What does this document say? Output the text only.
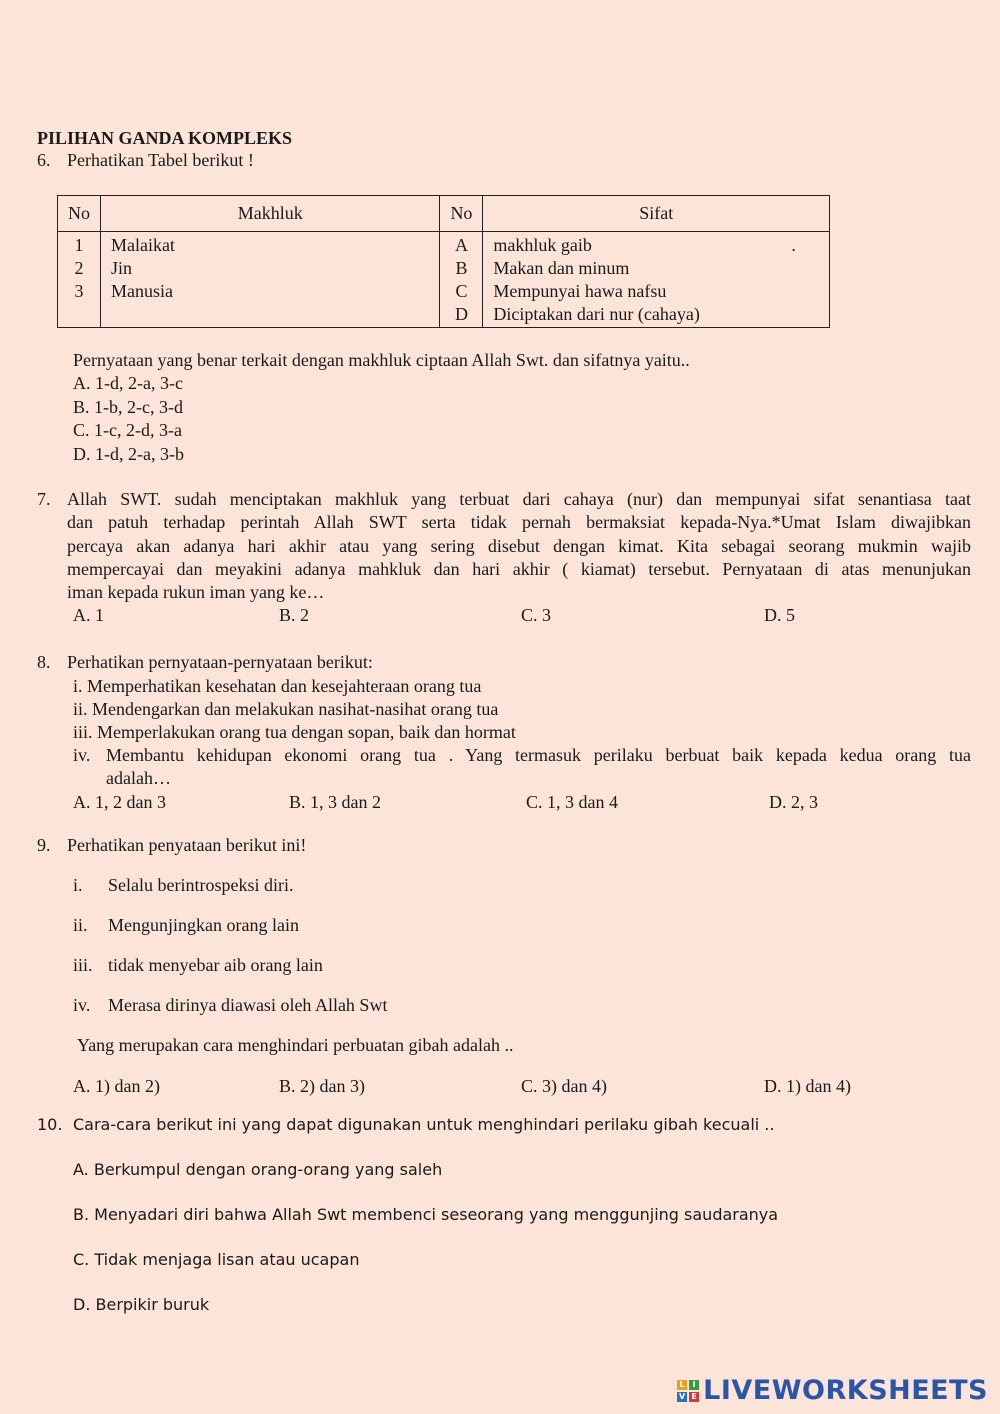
PILIHAN GANDA KOMPLEKS
6. Perhatikan Tabel berikut !
No	Makhluk	No	Sifat
1	Malaikat	A	makhluk gaib .

2	Jin	B	Makan dan minum
3	Manusia	C	Mempunyai hawa nafsu
		D	Diciptakan dari nur (cahaya)
Pernyataan yang benar terkait dengan makhluk ciptaan Allah Swt. dan sifatnya yaitu..
A. 1-d, 2-a, 3-c
B. 1-b, 2-c, 3-d
C. 1-c, 2-d, 3-a
D. 1-d, 2-a, 3-b
7. Allah SWT. sudah menciptakan makhluk yang terbuat dari cahaya (nur) dan mempunyai sifat senantiasa taat
dan patuh terhadap perintah Allah SWT serta tidak pernah bermaksiat kepada-Nya.*Umat Islam diwajibkan
percaya akan adanya hari akhir atau yang sering disebut dengan kimat. Kita sebagai seorang mukmin wajib
mempercayai dan meyakini adanya mahkluk dan hari akhir ( kiamat) tersebut. Pernyataan di atas menunjukan
iman kepada rukun iman yang ke…
A. 1	B. 2	C. 3	D. 5
8. Perhatikan pernyataan-pernyataan berikut:
i. Memperhatikan kesehatan dan kesejahteraan orang tua
ii. Mendengarkan dan melakukan nasihat-nasihat orang tua
iii. Memperlakukan orang tua dengan sopan, baik dan hormat
iv. Membantu kehidupan ekonomi orang tua . Yang termasuk perilaku berbuat baik kepada kedua orang tua
adalah…
A. 1, 2 dan 3	B. 1, 3 dan 2	C. 1, 3 dan 4	D. 2, 3
9. Perhatikan penyataan berikut ini!
i. Selalu berintrospeksi diri.
ii. Mengunjingkan orang lain
iii. tidak menyebar aib orang lain
iv. Merasa dirinya diawasi oleh Allah Swt
Yang merupakan cara menghindari perbuatan gibah adalah ..
A. 1) dan 2)	B. 2) dan 3)	C. 3) dan 4)	D. 1) dan 4)
10. Cara-cara berikut ini yang dapat digunakan untuk menghindari perilaku gibah kecuali ..
A. Berkumpul dengan orang-orang yang saleh
B. Menyadari diri bahwa Allah Swt membenci seseorang yang menggunjing saudaranya
C. Tidak menjaga lisan atau ucapan
D. Berpikir buruk
L I
V E LIVEWORKSHEETS
